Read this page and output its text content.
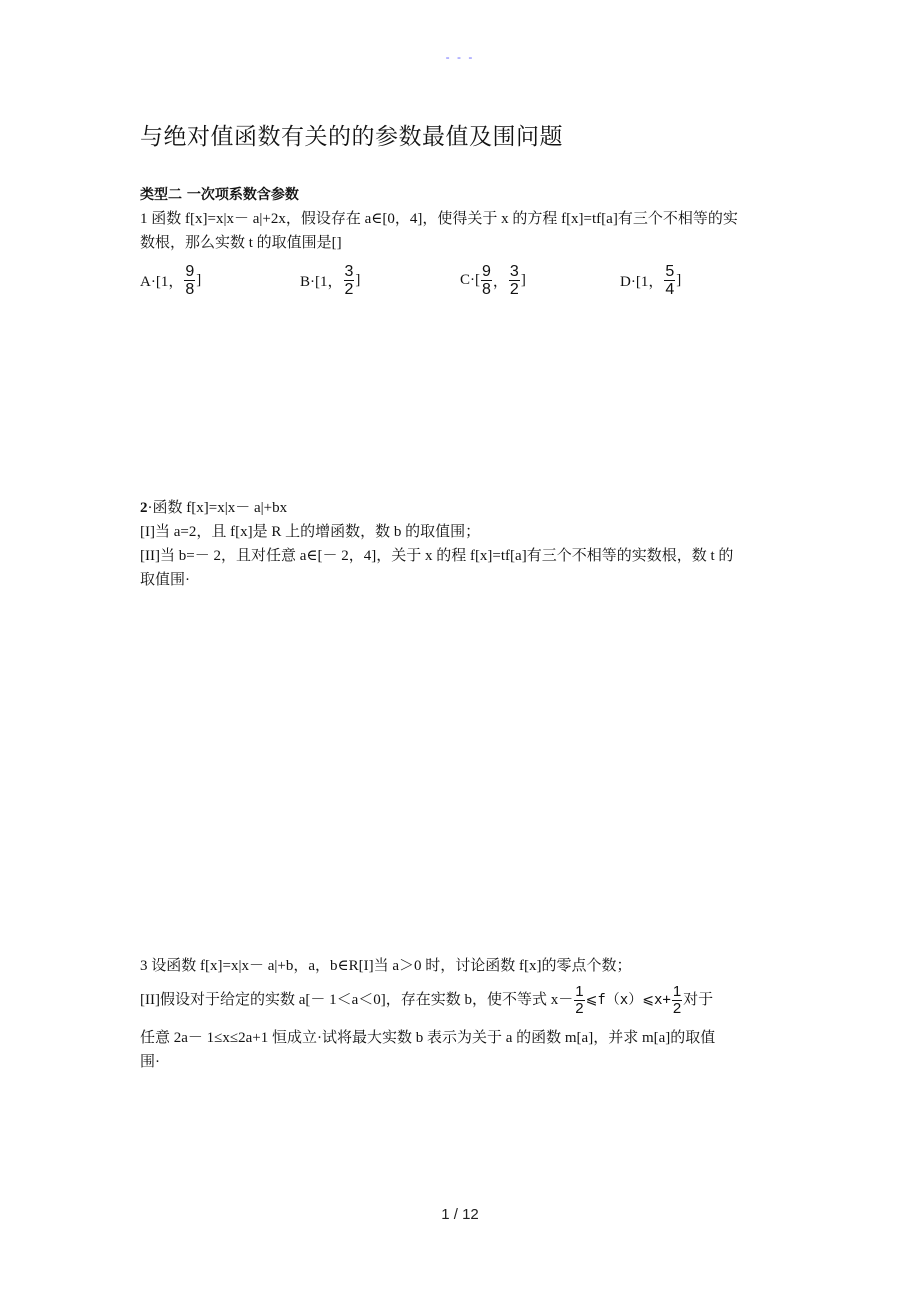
- - -
与绝对值函数有关的的参数最值及围问题
类型二 一次项系数含参数
1 函数 f[x]=x|x－ a|+2x，假设存在 a∈[0，4]，使得关于 x 的方程 f[x]=tf[a]有三个不相等的实
数根，那么实数 t 的取值围是[]
A·[1， $\frac{9}{8}$ ]	B·[1， $\frac{3}{2}$ ]	$C\cdot[ \frac{9}{8}$ ， $\frac{3}{2}$ ]	D·[1， $\frac{5}{4}$ ]
2·函数 f[x]=x|x－ a|+bx
[I]当 a=2，且 f[x]是 R 上的增函数，数 b 的取值围；
[II]当 b=－ 2，且对任意 a∈[－ 2，4]，关于 x 的程 f[x]=tf[a]有三个不相等的实数根，数 t 的
取值围·
3 设函数 f[x]=x|x－ a|+b，a，b∈R[I]当 a＞0 时，讨论函数 f[x]的零点个数；
[II]假设对于给定的实数 a[－ 1＜a＜0]，存在实数 b，使不等式 $x- \frac{1}{2}$ ⩽f（x）⩽x+ $\frac{1}{2}$ 对于
任意 2a－ 1≤x≤2a+1 恒成立·试将最大实数 b 表示为关于 a 的函数 m[a]，并求 m[a]的取值
围·
1 / 12
